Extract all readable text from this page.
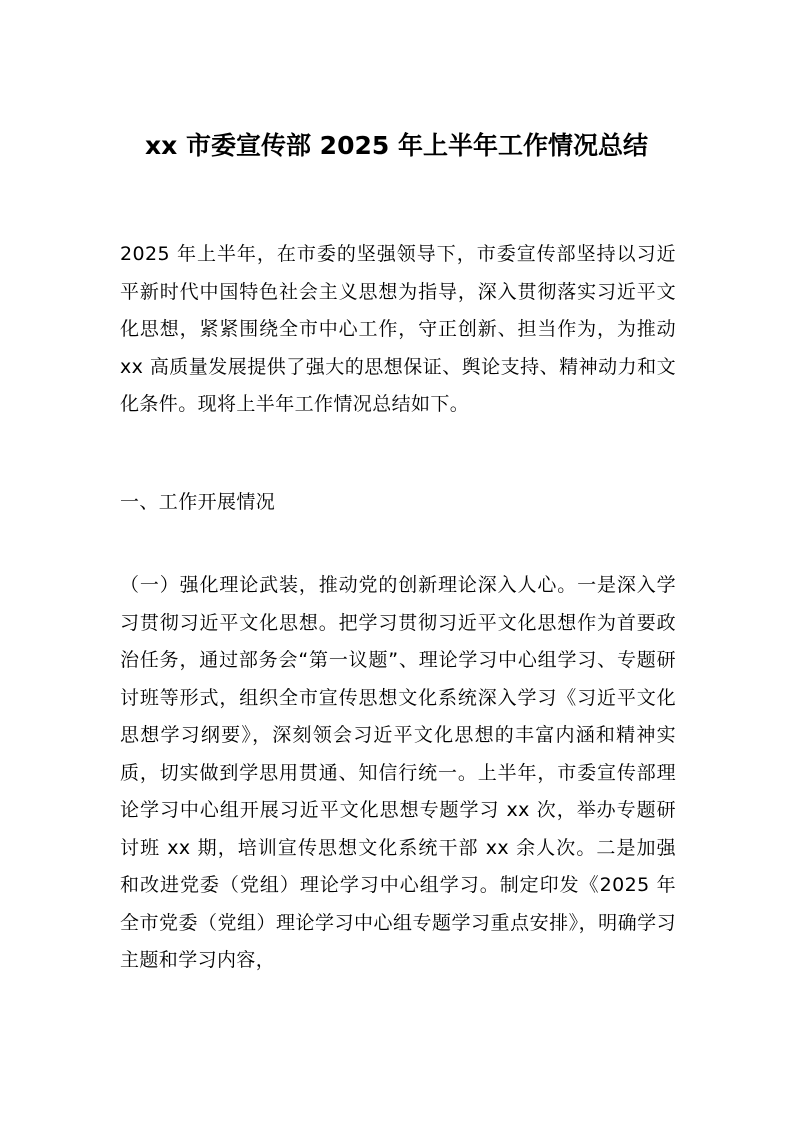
xx 市委宣传部 2025 年上半年工作情况总结

2025 年上半年，在市委的坚强领导下，市委宣传部坚持以习近平新时代中国特色社会主义思想为指导，深入贯彻落实习近平文化思想，紧紧围绕全市中心工作，守正创新、担当作为，为推动 xx 高质量发展提供了强大的思想保证、舆论支持、精神动力和文化条件。现将上半年工作情况总结如下。

一、工作开展情况

（一）强化理论武装，推动党的创新理论深入人心。一是深入学习贯彻习近平文化思想。把学习贯彻习近平文化思想作为首要政治任务，通过部务会“第一议题”、理论学习中心组学习、专题研讨班等形式，组织全市宣传思想文化系统深入学习《习近平文化思想学习纲要》，深刻领会习近平文化思想的丰富内涵和精神实质，切实做到学思用贯通、知信行统一。上半年，市委宣传部理论学习中心组开展习近平文化思想专题学习 xx 次，举办专题研讨班 xx 期，培训宣传思想文化系统干部 xx 余人次。二是加强和改进党委（党组）理论学习中心组学习。制定印发《2025 年全市党委（党组）理论学习中心组专题学习重点安排》，明确学习主题和学习内容，
